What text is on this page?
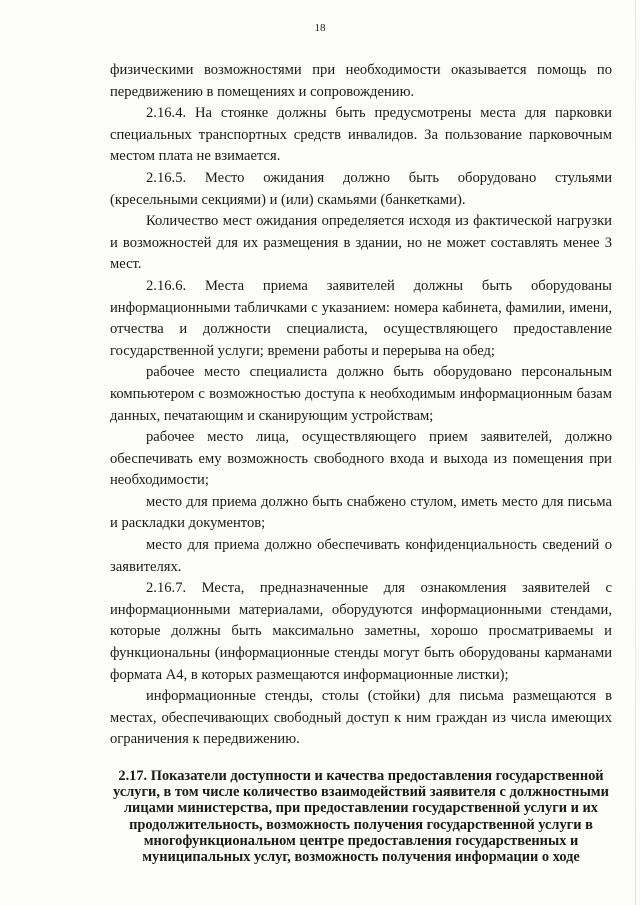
18

физическими возможностями при необходимости оказывается помощь по передвижению в помещениях и сопровождению.

2.16.4. На стоянке должны быть предусмотрены места для парковки специальных транспортных средств инвалидов. За пользование парковочным местом плата не взимается.

2.16.5. Место ожидания должно быть оборудовано стульями (кресельными секциями) и (или) скамьями (банкетками).

Количество мест ожидания определяется исходя из фактической нагрузки и возможностей для их размещения в здании, но не может составлять менее 3 мест.

2.16.6. Места приема заявителей должны быть оборудованы информационными табличками с указанием: номера кабинета, фамилии, имени, отчества и должности специалиста, осуществляющего предоставление государственной услуги; времени работы и перерыва на обед;

рабочее место специалиста должно быть оборудовано персональным компьютером с возможностью доступа к необходимым информационным базам данных, печатающим и сканирующим устройствам;

рабочее место лица, осуществляющего прием заявителей, должно обеспечивать ему возможность свободного входа и выхода из помещения при необходимости;

место для приема должно быть снабжено стулом, иметь место для письма и раскладки документов;

место для приема должно обеспечивать конфиденциальность сведений о заявителях.

2.16.7. Места, предназначенные для ознакомления заявителей с информационными материалами, оборудуются информационными стендами, которые должны быть максимально заметны, хорошо просматриваемы и функциональны (информационные стенды могут быть оборудованы карманами формата А4, в которых размещаются информационные листки);

информационные стенды, столы (стойки) для письма размещаются в местах, обеспечивающих свободный доступ к ним граждан из числа имеющих ограничения к передвижению.

2.17. Показатели доступности и качества предоставления государственной услуги, в том числе количество взаимодействий заявителя с должностными лицами министерства, при предоставлении государственной услуги и их продолжительность, возможность получения государственной услуги в многофункциональном центре предоставления государственных и муниципальных услуг, возможность получения информации о ходе
